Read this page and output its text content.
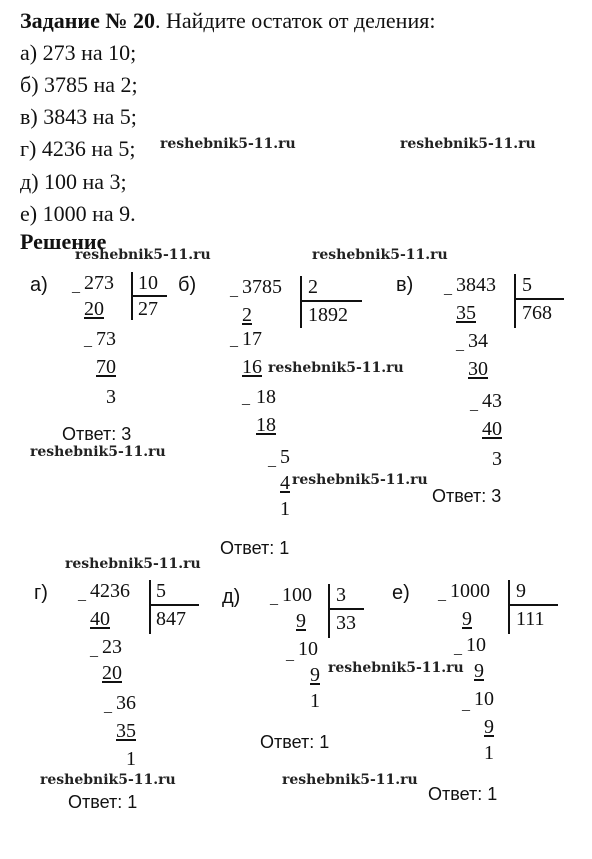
Задание № 20. Найдите остаток от деления:
а) 273 на 10;
б) 3785 на 2;
в) 3843 на 5;
г) 4236 на 5;
д) 100 на 3;
е) 1000 на 9.
Решение
reshebnik5-11.ru	reshebnik5-11.ru
reshebnik5-11.ru	reshebnik5-11.ru
reshebnik5-11.ru
reshebnik5-11.ru
reshebnik5-11.ru
reshebnik5-11.ru
reshebnik5-11.ru
reshebnik5-11.ru	reshebnik5-11.ru
а) _ 273 10
27
20
_ 73
70
3
Ответ: 3
б) _ 3785 2
1892
2
_ 17
16
_ 18
18
_ 5
4
1
Ответ: 1
в) _ 3843 5
768
35
_ 34
30
_ 43
40
3
Ответ: 3
г) _ 4236 5
847
40
_ 23
20
_ 36
35
1
Ответ: 1
д) _ 100 3
33
9
_ 10
9
1
Ответ: 1
е) _ 1000 9
111
9
_ 10
9
_ 10
9
1
Ответ: 1
